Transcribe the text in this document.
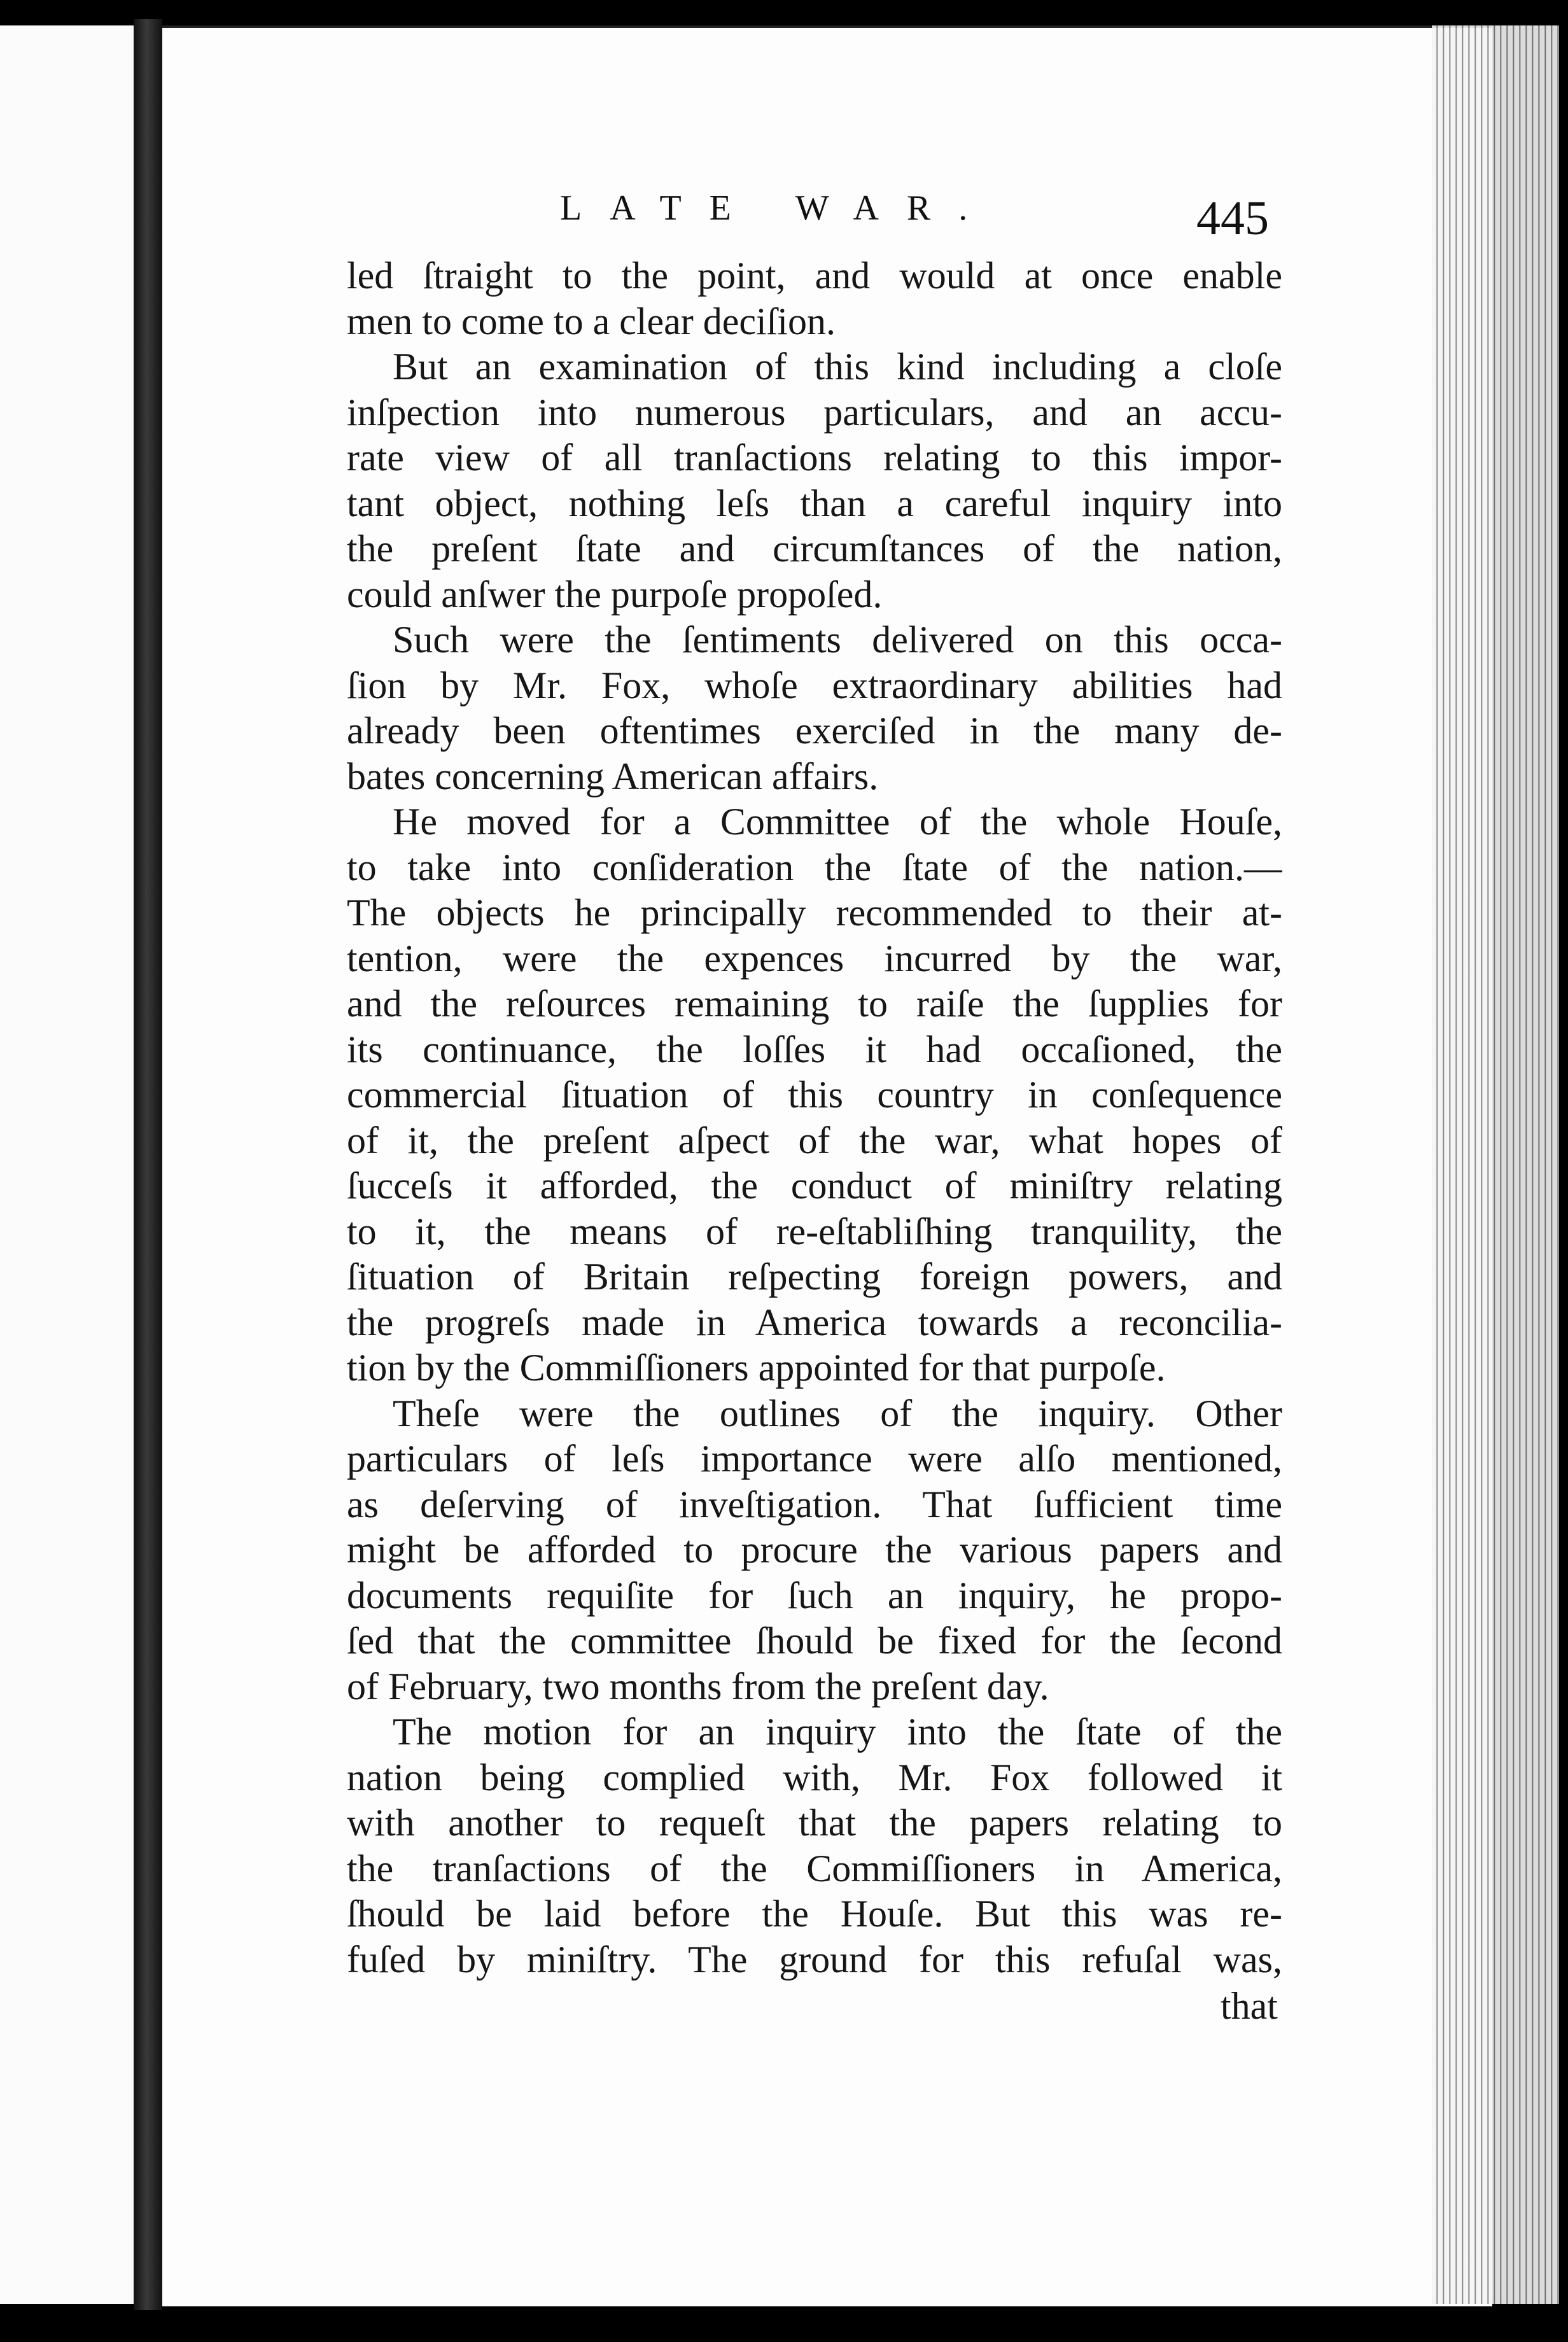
LATE WAR.	445
led ſtraight to the point, and would at once enable
men to come to a clear deciſion.
But an examination of this kind including a cloſe
inſpection into numerous particulars, and an accu-
rate view of all tranſactions relating to this impor-
tant object, nothing leſs than a careful inquiry into
the preſent ſtate and circumſtances of the nation,
could anſwer the purpoſe propoſed.
Such were the ſentiments delivered on this occa-
ſion by Mr. Fox, whoſe extraordinary abilities had
already been oftentimes exerciſed in the many de-
bates concerning American affairs.
He moved for a Committee of the whole Houſe,
to take into conſideration the ſtate of the nation.—
The objects he principally recommended to their at-
tention, were the expences incurred by the war,
and the reſources remaining to raiſe the ſupplies for
its continuance, the loſſes it had occaſioned, the
commercial ſituation of this country in conſequence
of it, the preſent aſpect of the war, what hopes of
ſucceſs it afforded, the conduct of miniſtry relating
to it, the means of re-eſtabliſhing tranquility, the
ſituation of Britain reſpecting foreign powers, and
the progreſs made in America towards a reconcilia-
tion by the Commiſſioners appointed for that purpoſe.
Theſe were the outlines of the inquiry. Other
particulars of leſs importance were alſo mentioned,
as deſerving of inveſtigation. That ſufficient time
might be afforded to procure the various papers and
documents requiſite for ſuch an inquiry, he propo-
ſed that the committee ſhould be fixed for the ſecond
of February, two months from the preſent day.
The motion for an inquiry into the ſtate of the
nation being complied with, Mr. Fox followed it
with another to requeſt that the papers relating to
the tranſactions of the Commiſſioners in America,
ſhould be laid before the Houſe. But this was re-
fuſed by miniſtry. The ground for this refuſal was,
that
